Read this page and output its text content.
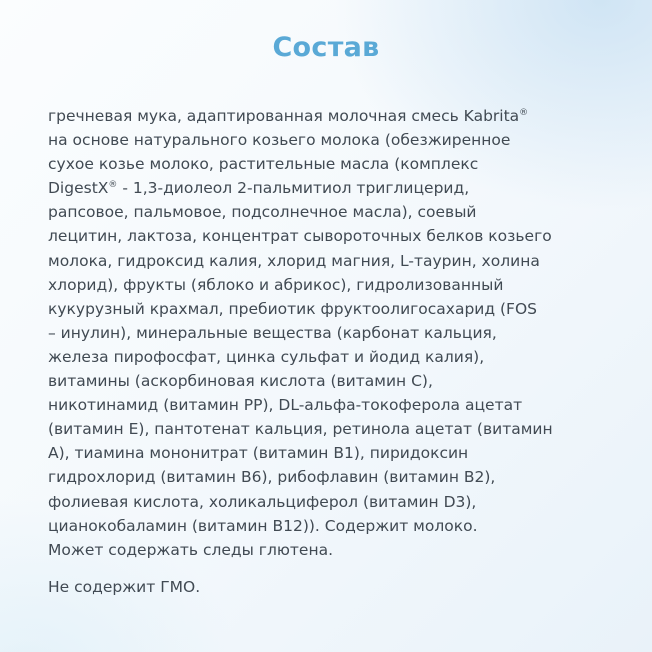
Состав
гречневая мука, адаптированная молочная смесь Kabrita®
на основе натурального козьего молока (обезжиренное
сухое козье молоко, растительные масла (комплекс
DigestX® - 1,3-диолеол 2-пальмитиол триглицерид,
рапсовое, пальмовое, подсолнечное масла), соевый
лецитин, лактоза, концентрат сывороточных белков козьего
молока, гидроксид калия, хлорид магния, L-таурин, холина
хлорид), фрукты (яблоко и абрикос), гидролизованный
кукурузный крахмал, пребиотик фруктоолигосахарид (FOS
– инулин), минеральные вещества (карбонат кальция,
железа пирофосфат, цинка сульфат и йодид калия),
витамины (аскорбиновая кислота (витамин С),
никотинамид (витамин РР), DL-альфа-токоферола ацетат
(витамин Е), пантотенат кальция, ретинола ацетат (витамин
А), тиамина мононитрат (витамин В1), пиридоксин
гидрохлорид (витамин В6), рибофлавин (витамин В2),
фолиевая кислота, холикальциферол (витамин D3),
цианокобаламин (витамин В12)). Содержит молоко.
Может содержать следы глютена.
Не содержит ГМО.
